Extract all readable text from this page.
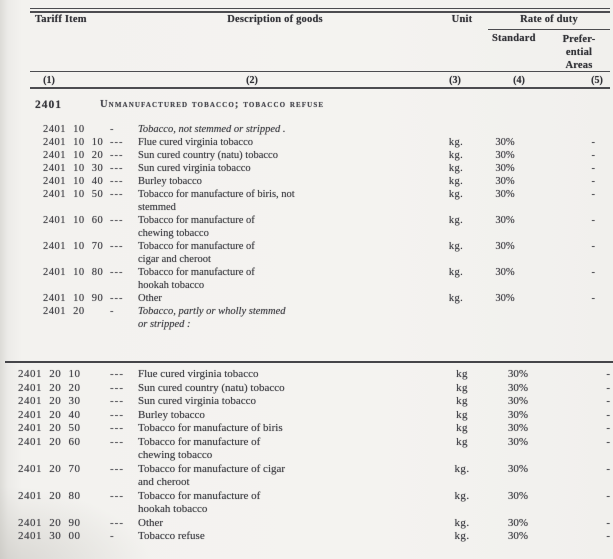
Tariff Item	Description of goods	Unit	Rate of duty
Standard	Prefer-
ential
Areas
(1)	(2)	(3)	(4)	(5)
2401	Unmanufactured tobacco; tobacco refuse
2401 10	-	Tobacco, not stemmed or stripped .
2401 10 10 ---	Flue cured virginia tobacco	kg.	30%	-
2401 10 20 ---	Sun cured country (natu) tobacco	kg.	30%	-
2401 10 30 ---	Sun cured virginia tobacco	kg.	30%	-
2401 10 40 ---	Burley tobacco	kg.	30%	-
2401 10 50 ---	Tobacco for manufacture of biris, not
stemmed
kg.	30%	-
2401 10 60 ---	Tobacco for manufacture of
chewing tobacco
kg.	30%	-
2401 10 70 ---	Tobacco for manufacture of
cigar and cheroot
kg.	30%	-
2401 10 80 ---	Tobacco for manufacture of
hookah tobacco
kg.	30%	-
2401 10 90 ---	Other	kg.	30%	-
2401 20	-	Tobacco, partly or wholly stemmed
or stripped :
2401 20 10	---	Flue cured virginia tobacco	kg	30%	-
2401 20 20	---	Sun cured country (natu) tobacco	kg	30%	-
2401 20 30	---	Sun cured virginia tobacco	kg	30%	-
2401 20 40	---	Burley tobacco	kg	30%	-
2401 20 50	---	Tobacco for manufacture of biris	kg	30%	-
2401 20 60	---	Tobacco for manufacture of
chewing tobacco
kg	30%	-
2401 20 70	---	Tobacco for manufacture of cigar
and cheroot
kg.	30%	-
2401 20 80	---	Tobacco for manufacture of
hookah tobacco
kg.	30%	-
2401 20 90	---	Other	kg.	30%	-
2401 30 00	-	Tobacco refuse	kg.	30%	-
